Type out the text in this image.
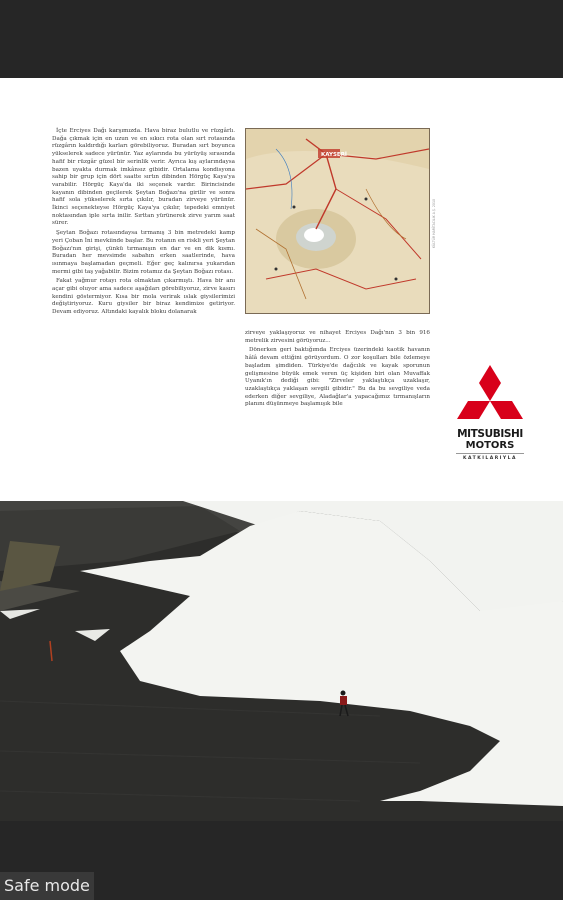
İçte Erciyes Dağı karşımızda. Hava biraz bulutlu ve rüzgârlı. Dağa çıkmak için en uzun ve en sıkıcı rota olan sırt rotasında rüzgârın kaldırdığı karları görebiliyoruz. Buradan sırt boyunca yükselerek sadece yürünür. Yaz aylarında bu yürüyüş sırasında hafif bir rüzgâr güzel bir serinlik verir. Ayrıca kış aylarındaysa bazen uyakta durmak imkânsız gibidir. Ortalama kondisyona sahip bir grup için dört saatte sırtın dibinden Hörgüç Kaya'ya varabilir. Hörgüç Kaya'da iki seçenek vardır. Birincisinde kayanın dibinden geçilerek Şeytan Boğazı'na girilir ve sonra hafif sola yükselerek sırta çıkılır, buradan zirveye yürünür. İkinci seçenekteyse Hörgüç Kaya'ya çıkılır, tepedeki emniyet noktasından iple sırta inilir. Sırttan yürünerek zirve yarım saat sürer.

Şeytan Boğazı rotasındaysa tırmanış 3 bin metredeki kamp yeri Çoban İni mevkiinde başlar. Bu rotanın en riskli yeri Şeytan Boğazı'nın girişi, çünkü tırmanışın en dar ve en dik kısmı. Buradan her mevsimde sabahın erken saatlerinde, hava ısınmaya başlamadan geçmeli. Eğer geç kalınırsa yukarıdan mermi gibi taş yağabilir. Bizim rotamız da Şeytan Boğazı rotası.

Fakat yağmur rotayı rota olmaktan çıkarmıştı. Hava bir anı açar gibi oluyor ama sadece aşağıları görebiliyoruz, zirve kasırı kendini göstermiyor. Kısa bir mola verirak ıslak giysilerimizi değiştiriyoruz. Kuru giysiler bir biraz kendimize getiriyor. Devam ediyoruz. Altındaki kayalık bloku dolanarak

KAYSERİ
KÜLTÜR HARİTACILIK A.Ş. 2010

zirveye yaklaşıyoruz ve nihayet Erciyes Dağı'nın 3 bin 916 metrelik zirvesini görüyoruz...

Dönerken geri baktığımda Erciyes üzerindeki kaotik havanın hâlâ devam ettiğini görüyordum. O zor koşulları bile özlemeye başladım şimdiden. Türkiye'de dağcılık ve kayak sporunun gelişmesine büyük emek veren üç kişiden biri olan Muvaffak Uyanık'ın dediği gibi: "Zirveler yaklaştıkça uzaklaşır, uzaklaştıkça yaklaşan sevgili gibidir." Bu da bu sevgiliye veda ederken diğer sevgiliye, Aladağlar'a yapacağımız tırmanışların planını düşünmeye başlamışık bile

MITSUBISHI
MOTORS
KATKILARIYLA
Safe mode
